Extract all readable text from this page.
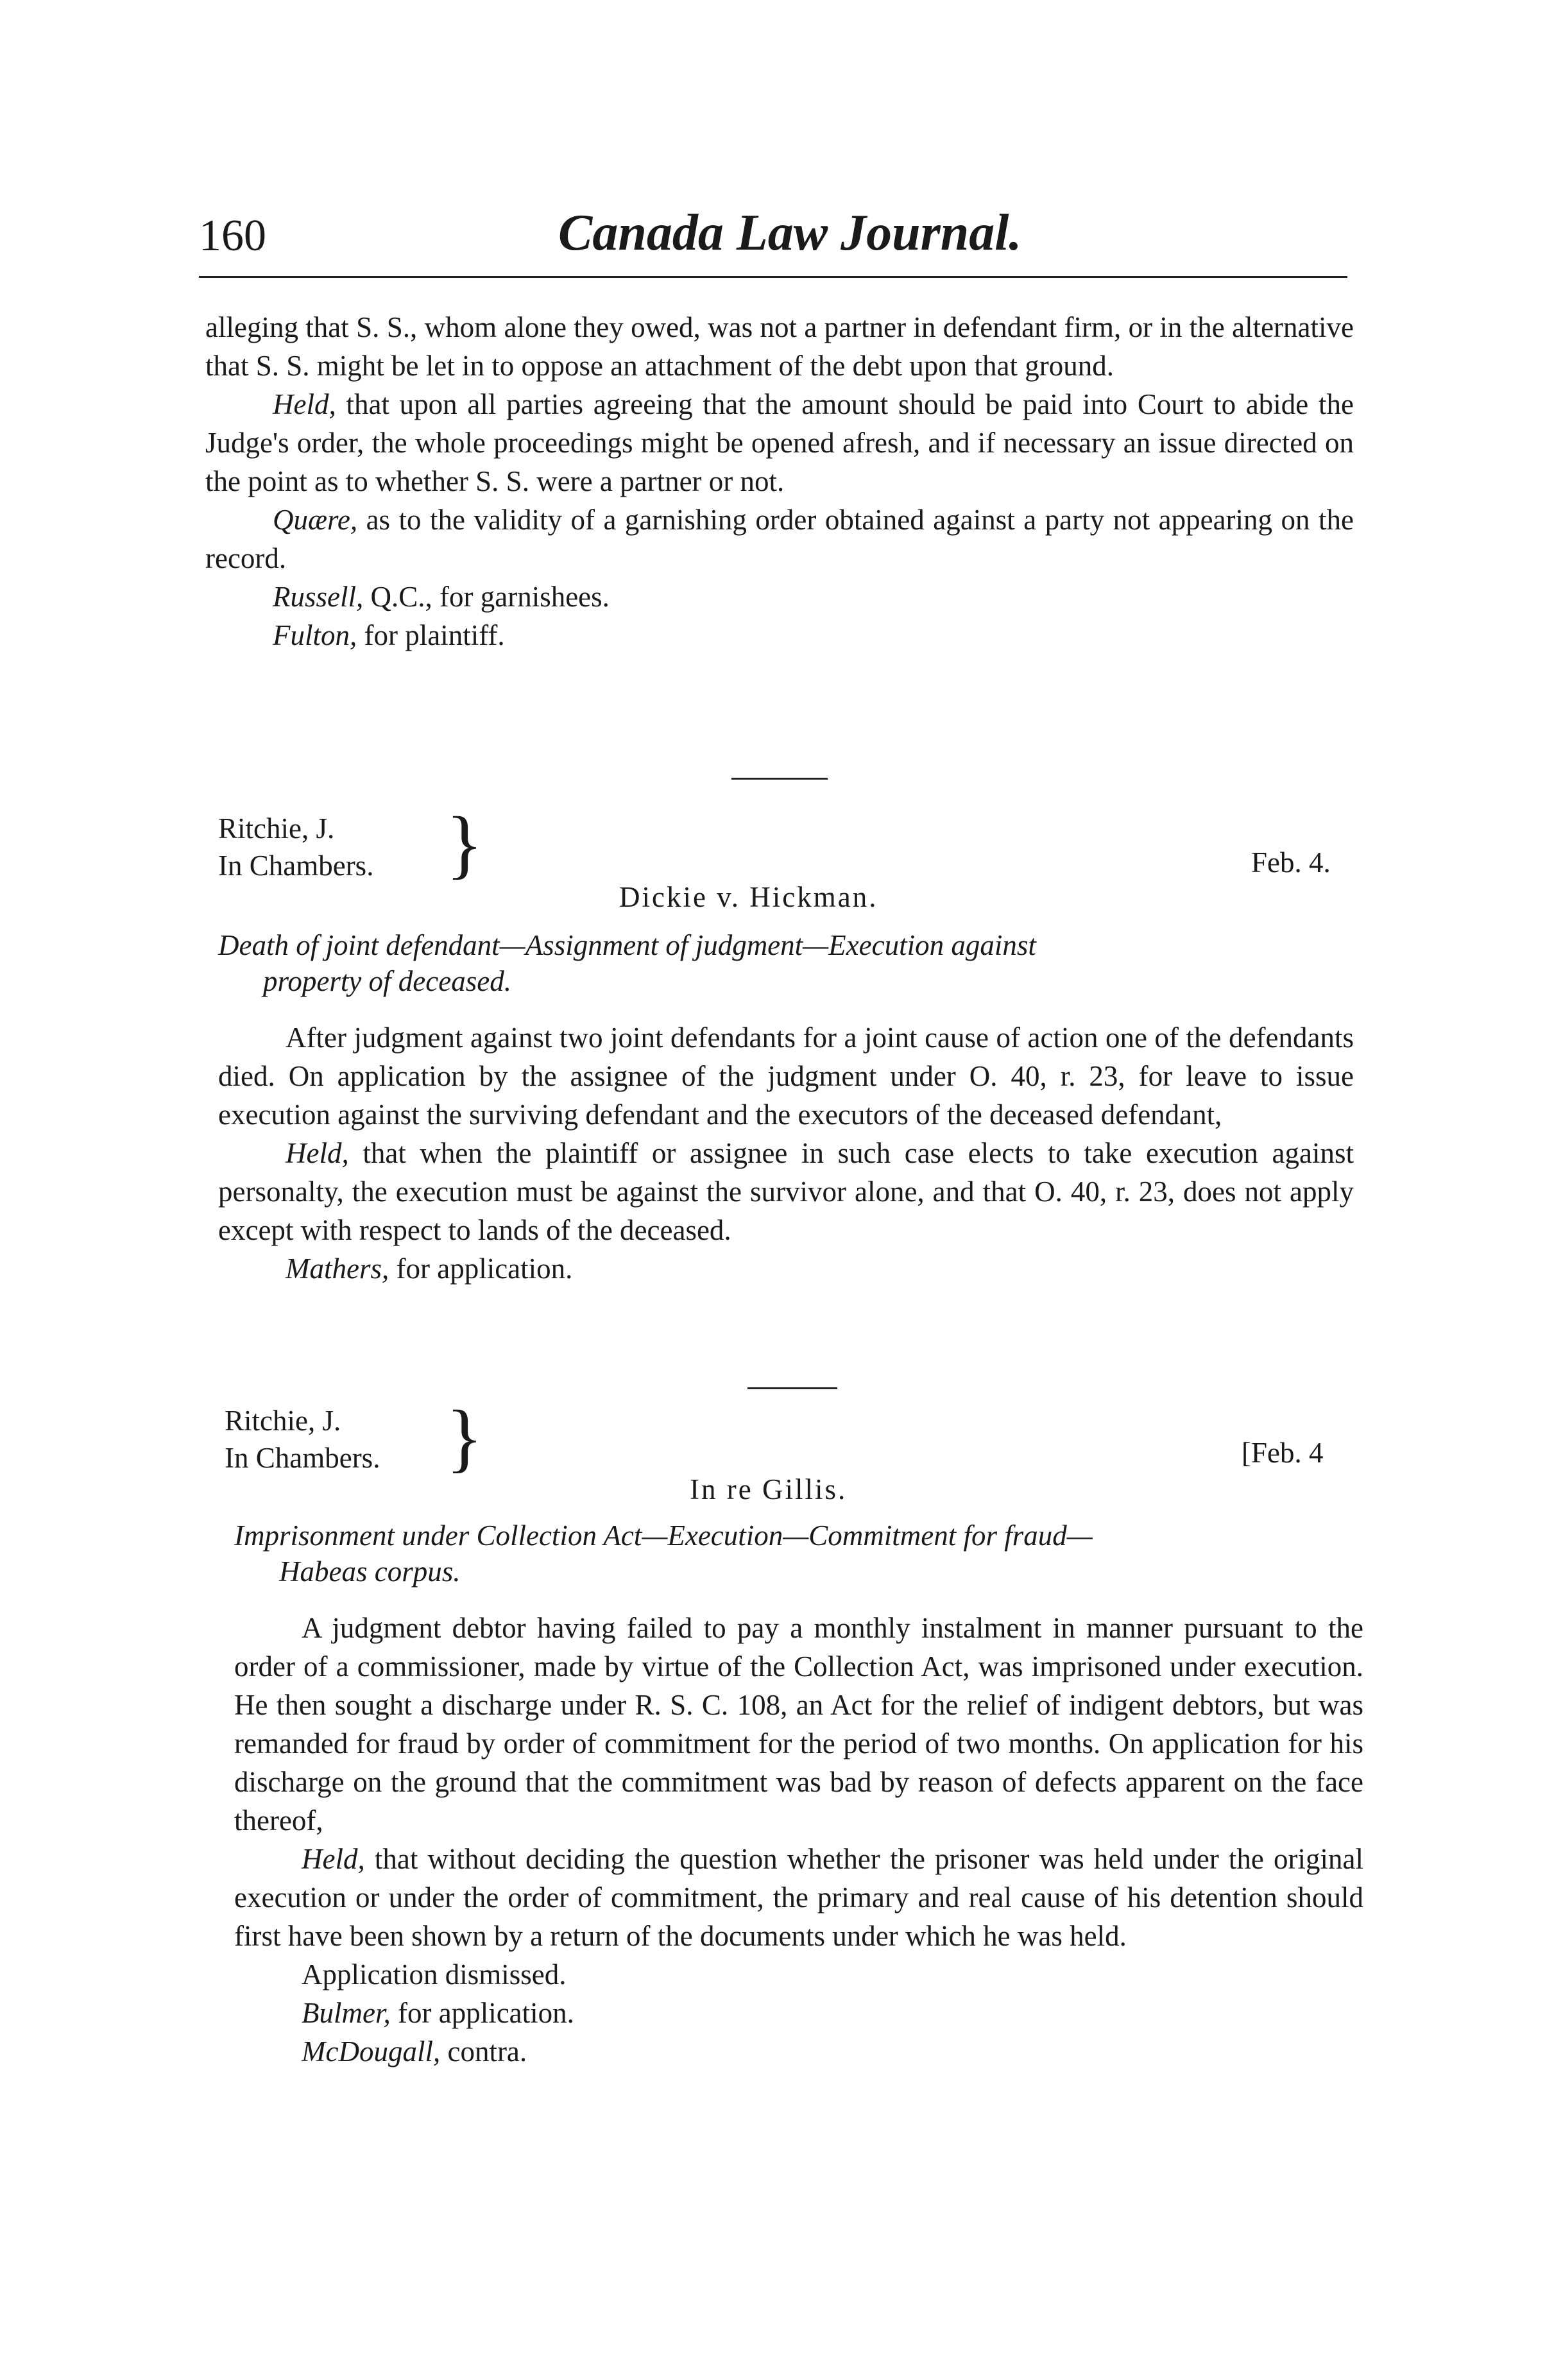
160	Canada Law Journal.

alleging that S. S., whom alone they owed, was not a partner in defendant firm, or in the alternative that S. S. might be let in to oppose an attachment of the debt upon that ground.

Held, that upon all parties agreeing that the amount should be paid into Court to abide the Judge's order, the whole proceedings might be opened afresh, and if necessary an issue directed on the point as to whether S. S. were a partner or not.

Quære, as to the validity of a garnishing order obtained against a party not appearing on the record.

Russell, Q.C., for garnishees.

Fulton, for plaintiff.

Ritchie, J.
In Chambers. }	Feb. 4.
Dickie v. Hickman.
Death of joint defendant—Assignment of judgment—Execution against
property of deceased.

After judgment against two joint defendants for a joint cause of action one of the defendants died. On application by the assignee of the judgment under O. 40, r. 23, for leave to issue execution against the surviving defendant and the executors of the deceased defendant,

Held, that when the plaintiff or assignee in such case elects to take execution against personalty, the execution must be against the survivor alone, and that O. 40, r. 23, does not apply except with respect to lands of the deceased.

Mathers, for application.

Ritchie, J.
In Chambers. }	[Feb. 4
In re Gillis.
Imprisonment under Collection Act—Execution—Commitment for fraud—
Habeas corpus.

A judgment debtor having failed to pay a monthly instalment in manner pursuant to the order of a commissioner, made by virtue of the Collection Act, was imprisoned under execution. He then sought a discharge under R. S. C. 108, an Act for the relief of indigent debtors, but was remanded for fraud by order of commitment for the period of two months. On application for his discharge on the ground that the commitment was bad by reason of defects apparent on the face thereof,

Held, that without deciding the question whether the prisoner was held under the original execution or under the order of commitment, the primary and real cause of his detention should first have been shown by a return of the documents under which he was held.

Application dismissed.

Bulmer, for application.

McDougall, contra.
